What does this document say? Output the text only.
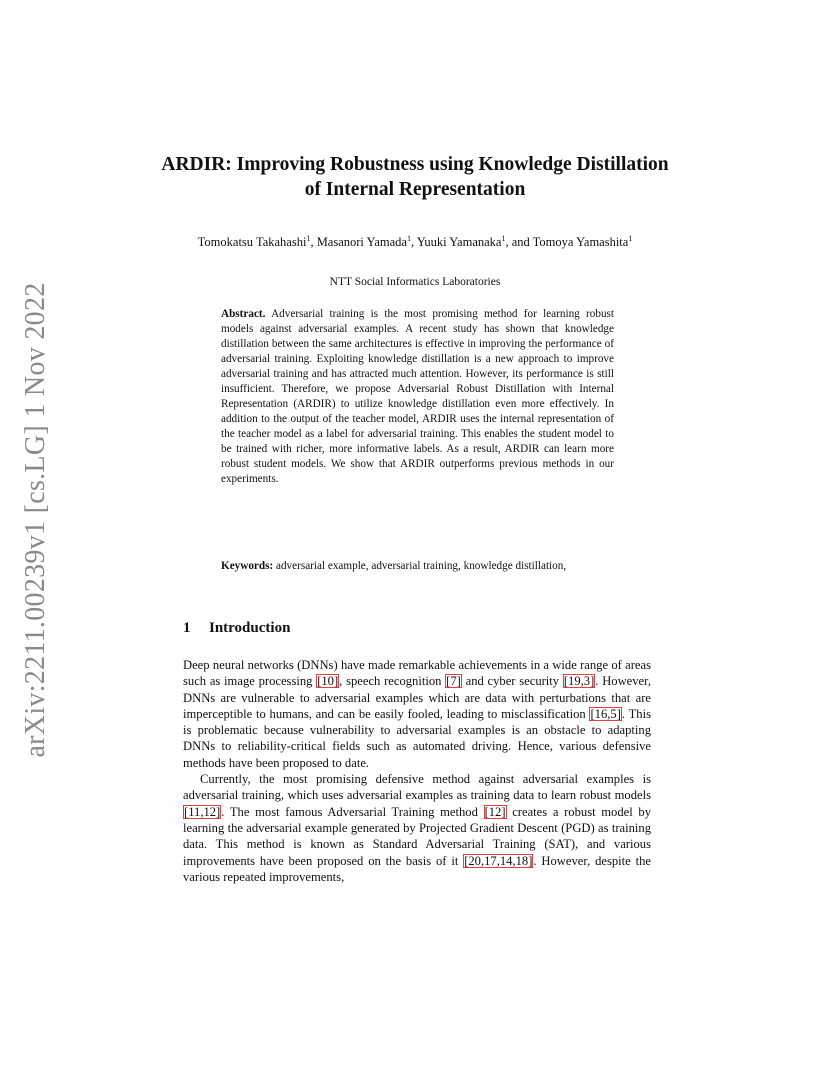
arXiv:2211.00239v1 [cs.LG] 1 Nov 2022
ARDIR: Improving Robustness using Knowledge Distillation of Internal Representation
Tomokatsu Takahashi$^1$, Masanori Yamada$^1$, Yuuki Yamanaka$^1$, and Tomoya Yamashita$^1$
NTT Social Informatics Laboratories
Abstract. Adversarial training is the most promising method for learning robust models against adversarial examples. A recent study has shown that knowledge distillation between the same architectures is effective in improving the performance of adversarial training. Exploiting knowledge distillation is a new approach to improve adversarial training and has attracted much attention. However, its performance is still insufficient. Therefore, we propose Adversarial Robust Distillation with Internal Representation (ARDIR) to utilize knowledge distillation even more effectively. In addition to the output of the teacher model, ARDIR uses the internal representation of the teacher model as a label for adversarial training. This enables the student model to be trained with richer, more informative labels. As a result, ARDIR can learn more robust student models. We show that ARDIR outperforms previous methods in our experiments.
Keywords: adversarial example, adversarial training, knowledge distillation,
1 Introduction

Deep neural networks (DNNs) have made remarkable achievements in a wide range of areas such as image processing [10], speech recognition [7] and cyber security [19,3]. However, DNNs are vulnerable to adversarial examples which are data with perturbations that are imperceptible to humans, and can be easily fooled, leading to misclassification [16,5]. This is problematic because vulnerability to adversarial examples is an obstacle to adapting DNNs to reliability-critical fields such as automated driving. Hence, various defensive methods have been proposed to date.

Currently, the most promising defensive method against adversarial examples is adversarial training, which uses adversarial examples as training data to learn robust models [11,12]. The most famous Adversarial Training method [12] creates a robust model by learning the adversarial example generated by Projected Gradient Descent (PGD) as training data. This method is known as Standard Adversarial Training (SAT), and various improvements have been proposed on the basis of it [20,17,14,18]. However, despite the various repeated improvements,
